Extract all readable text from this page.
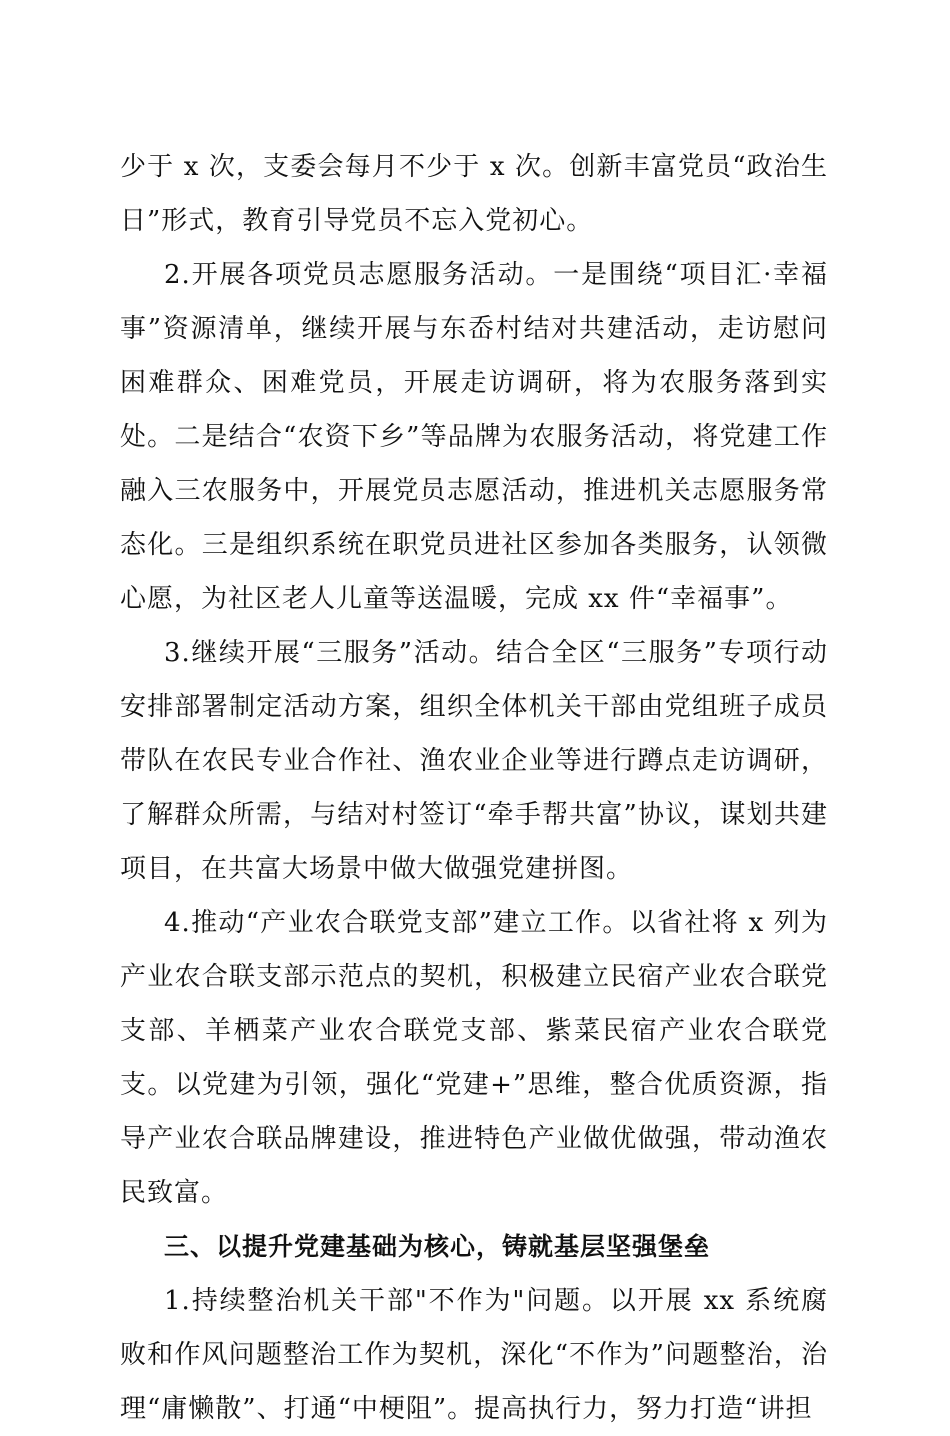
少于 x 次，支委会每月不少于 x 次。创新丰富党员“政治生日”形式，教育引导党员不忘入党初心。

2.开展各项党员志愿服务活动。一是围绕“项目汇·幸福事”资源清单，继续开展与东岙村结对共建活动，走访慰问困难群众、困难党员，开展走访调研，将为农服务落到实处。二是结合“农资下乡”等品牌为农服务活动，将党建工作融入三农服务中，开展党员志愿活动，推进机关志愿服务常态化。三是组织系统在职党员进社区参加各类服务，认领微心愿，为社区老人儿童等送温暖，完成 xx 件“幸福事”。

3.继续开展“三服务”活动。结合全区“三服务”专项行动安排部署制定活动方案，组织全体机关干部由党组班子成员带队在农民专业合作社、渔农业企业等进行蹲点走访调研，了解群众所需，与结对村签订“牵手帮共富”协议，谋划共建项目，在共富大场景中做大做强党建拼图。

4.推动“产业农合联党支部”建立工作。以省社将 x 列为产业农合联支部示范点的契机，积极建立民宿产业农合联党支部、羊栖菜产业农合联党支部、紫菜民宿产业农合联党支。以党建为引领，强化“党建+”思维，整合优质资源，指导产业农合联品牌建设，推进特色产业做优做强，带动渔农民致富。

三、以提升党建基础为核心，铸就基层坚强堡垒

1.持续整治机关干部"不作为"问题。以开展 xx 系统腐败和作风问题整治工作为契机，深化“不作为”问题整治，治理“庸懒散”、打通“中梗阻”。提高执行力，努力打造“讲担
